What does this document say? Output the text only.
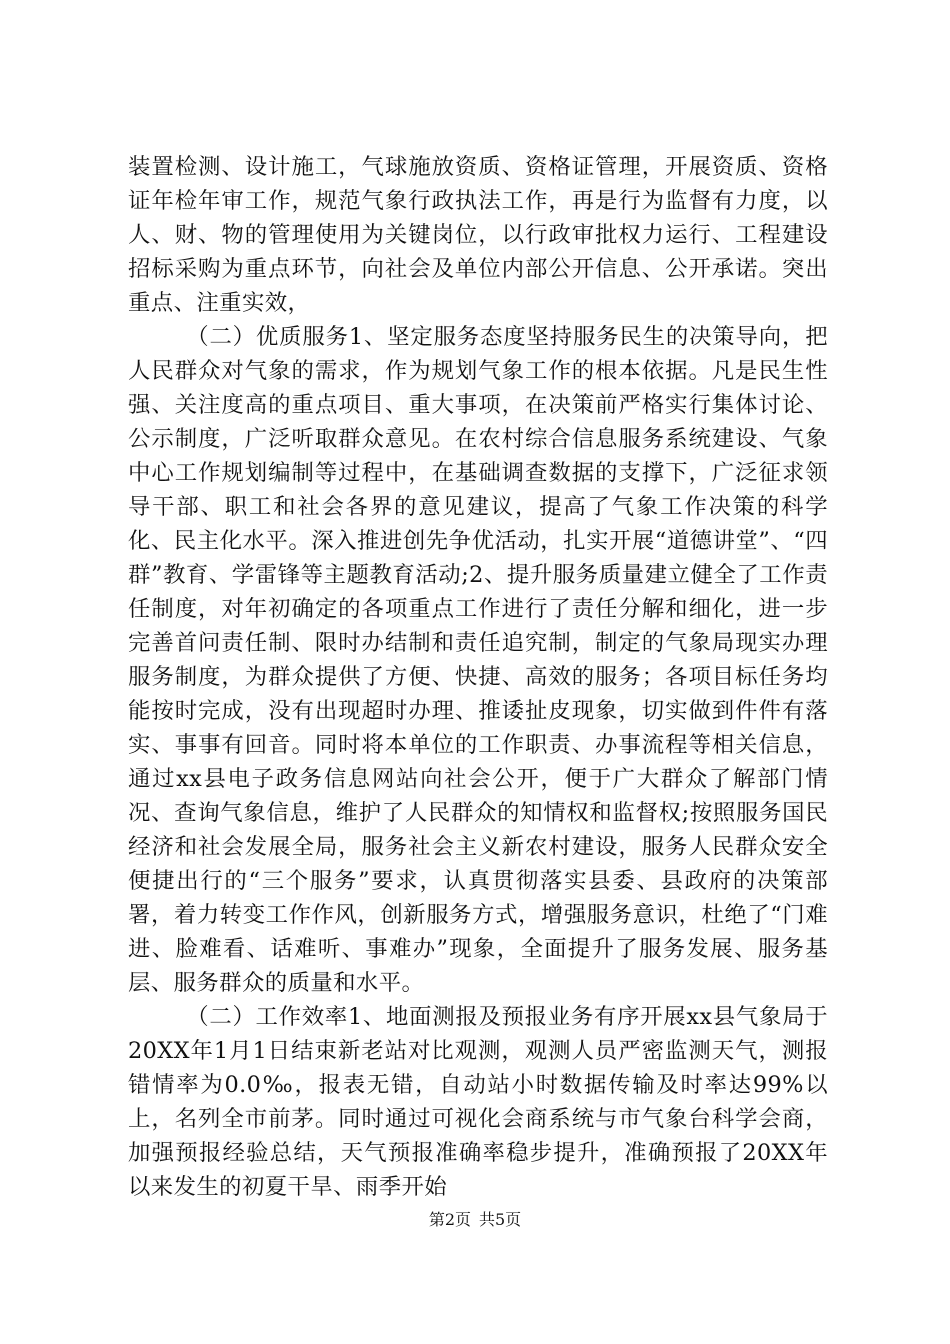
装置检测、设计施工，气球施放资质、资格证管理，开展资质、资格证年检年审工作，规范气象行政执法工作，再是行为监督有力度，以人、财、物的管理使用为关键岗位，以行政审批权力运行、工程建设招标采购为重点环节，向社会及单位内部公开信息、公开承诺。突出重点、注重实效，

（二）优质服务1、坚定服务态度坚持服务民生的决策导向，把人民群众对气象的需求，作为规划气象工作的根本依据。凡是民生性强、关注度高的重点项目、重大事项，在决策前严格实行集体讨论、公示制度，广泛听取群众意见。在农村综合信息服务系统建设、气象中心工作规划编制等过程中，在基础调查数据的支撑下，广泛征求领导干部、职工和社会各界的意见建议，提高了气象工作决策的科学化、民主化水平。深入推进创先争优活动，扎实开展“道德讲堂”、“四群”教育、学雷锋等主题教育活动;2、提升服务质量建立健全了工作责任制度，对年初确定的各项重点工作进行了责任分解和细化，进一步完善首问责任制、限时办结制和责任追究制，制定的气象局现实办理服务制度，为群众提供了方便、快捷、高效的服务；各项目标任务均能按时完成，没有出现超时办理、推诿扯皮现象，切实做到件件有落实、事事有回音。同时将本单位的工作职责、办事流程等相关信息，通过xx县电子政务信息网站向社会公开，便于广大群众了解部门情况、查询气象信息，维护了人民群众的知情权和监督权;按照服务国民经济和社会发展全局，服务社会主义新农村建设，服务人民群众安全便捷出行的“三个服务”要求，认真贯彻落实县委、县政府的决策部署，着力转变工作作风，创新服务方式，增强服务意识，杜绝了“门难进、脸难看、话难听、事难办”现象，全面提升了服务发展、服务基层、服务群众的质量和水平。

（二）工作效率1、地面测报及预报业务有序开展xx县气象局于20XX年1月1日结束新老站对比观测，观测人员严密监测天气，测报错情率为0.0‰，报表无错，自动站小时数据传输及时率达99%以上，名列全市前茅。同时通过可视化会商系统与市气象台科学会商，加强预报经验总结，天气预报准确率稳步提升，准确预报了20XX年以来发生的初夏干旱、雨季开始

第2页 共5页
